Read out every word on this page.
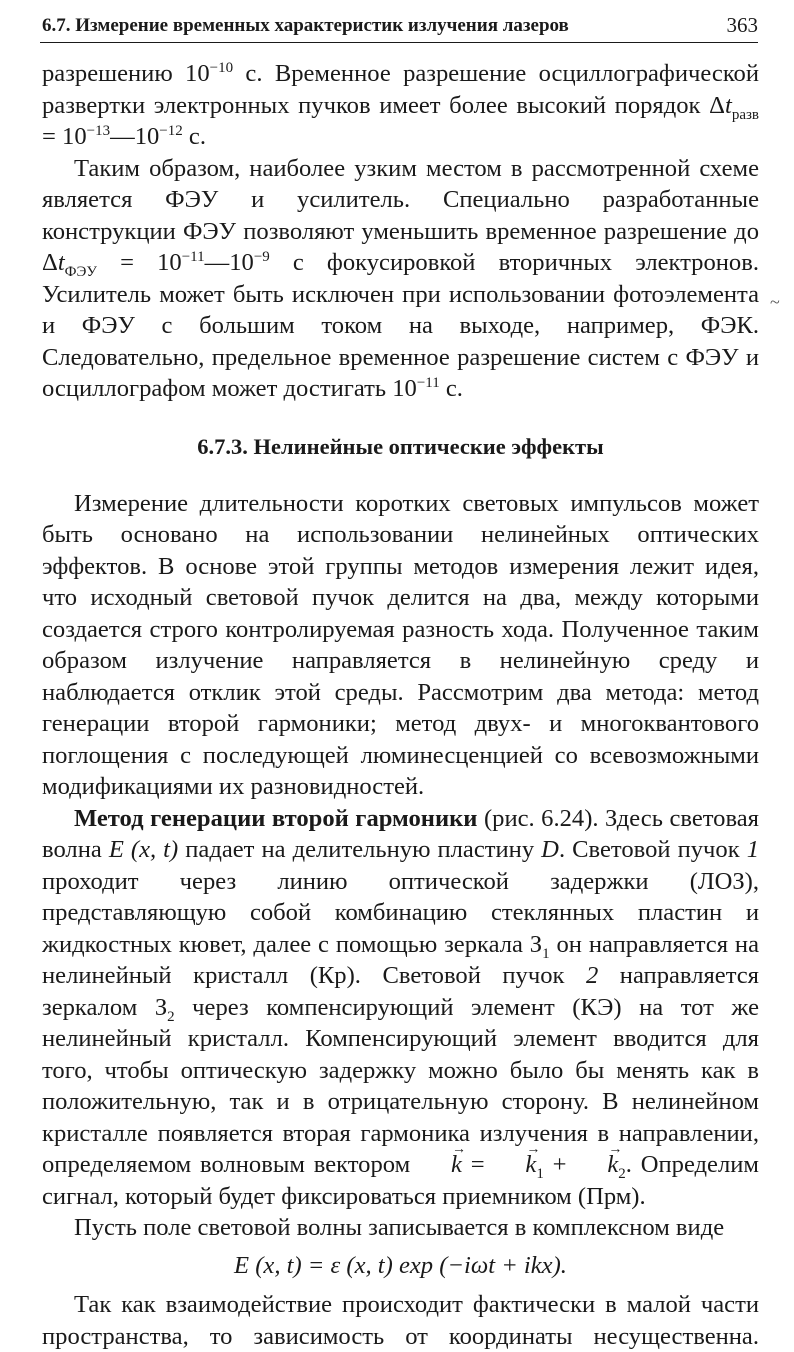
6.7. Измерение временных характеристик излучения лазеров	363

разрешению $10^{-10}$ с. Временное разрешение осциллографической развертки электронных пучков имеет более высокий порядок $\Delta t_{разв}$ = $10^{-13}—10^{-12}$ с.

Таким образом, наиболее узким местом в рассмотренной схеме является ФЭУ и усилитель. Специально разработанные конструкции ФЭУ позволяют уменьшить временное разрешение до $\Delta t_{ФЭУ}$ = $10^{-11}—10^{-9}$ с фокусировкой вторичных электронов. Усилитель может быть исключен при использовании фотоэлемента и ФЭУ с большим током на выходе, например, ФЭК. Следовательно, предельное временное разрешение систем с ФЭУ и осциллографом может достигать $10^{-11}$ с.

6.7.3. Нелинейные оптические эффекты

Измерение длительности коротких световых импульсов может быть основано на использовании нелинейных оптических эффектов. В основе этой группы методов измерения лежит идея, что исходный световой пучок делится на два, между которыми создается строго контролируемая разность хода. Полученное таким образом излучение направляется в нелинейную среду и наблюдается отклик этой среды. Рассмотрим два метода: метод генерации второй гармоники; метод двух- и многоквантового поглощения с последующей люминесценцией со всевозможными модификациями их разновидностей.

Метод генерации второй гармоники (рис. 6.24). Здесь световая волна E (x, t) падает на делительную пластину D. Световой пучок 1 проходит через линию оптической задержки (ЛОЗ), представляющую собой комбинацию стеклянных пластин и жидкостных кювет, далее с помощью зеркала $З_1$ он направляется на нелинейный кристалл (Кр). Световой пучок 2 направляется зеркалом $З_2$ через компенсирующий элемент (КЭ) на тот же нелинейный кристалл. Компенсирующий элемент вводится для того, чтобы оптическую задержку можно было бы менять как в положительную, так и в отрицательную сторону. В нелинейном кристалле появляется вторая гармоника излучения в направлении, определяемом волновым вектором → k = → $k_1$ + → $k_2$. Определим сигнал, который будет фиксироваться приемником (Прм).

Пусть поле световой волны записывается в комплексном виде

E (x, t) = ε (x, t) exp (−iωt + ikx).

Так как взаимодействие происходит фактически в малой части пространства, то зависимость от координаты несущественна.

~
